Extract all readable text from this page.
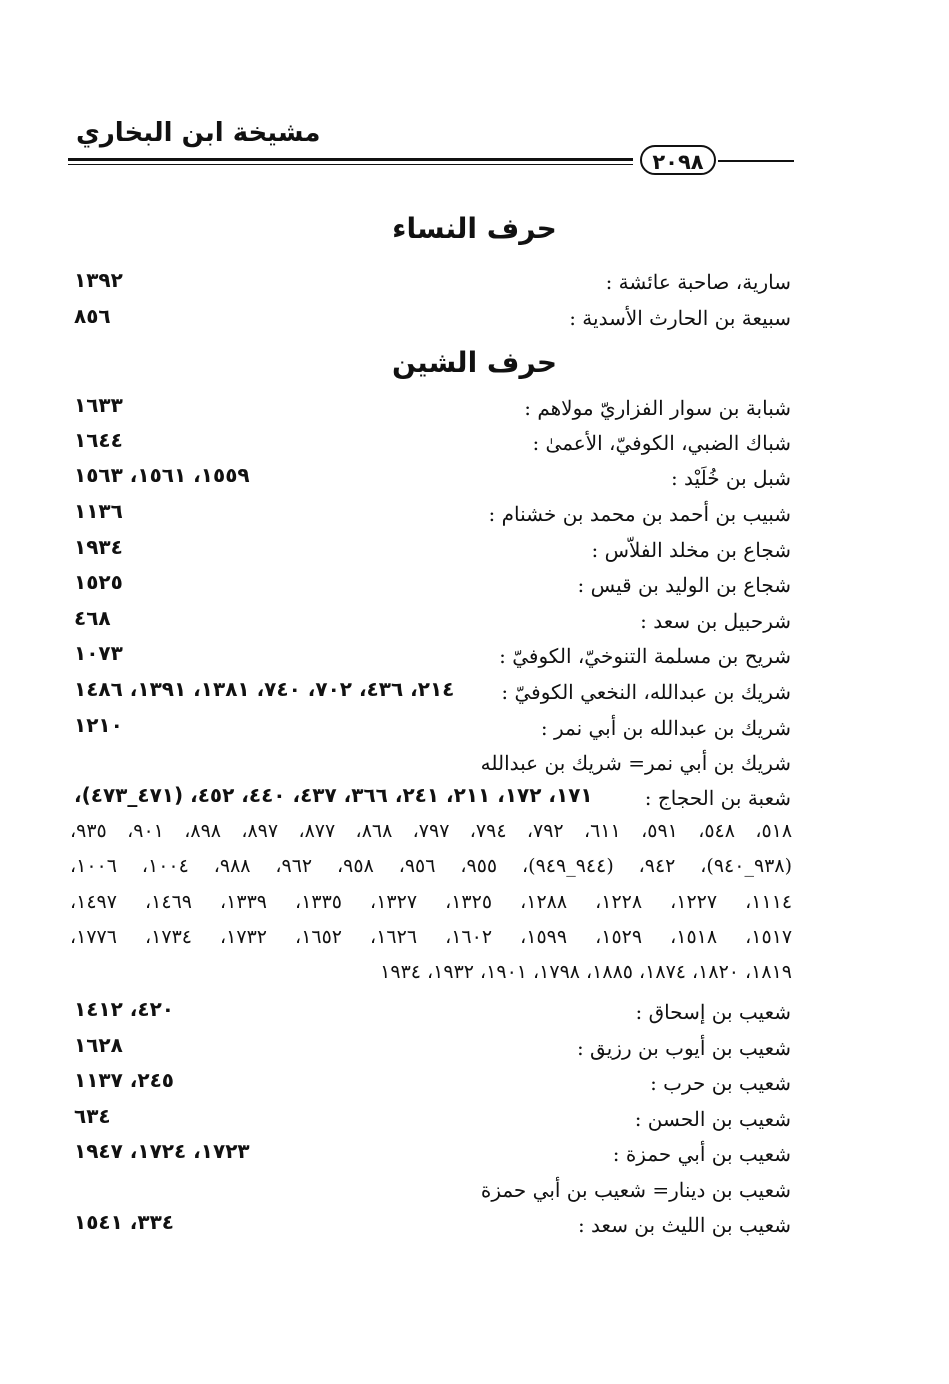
مشيخة ابن البخاري
٢٠٩٨
حرف النساء
سارية، صاحبة عائشة :
١٣٩٢
سبيعة بن الحارث الأسدية :
٨٥٦
حرف الشين
شبابة بن سوار الفزاريّ مولاهم :
١٦٣٣
شباك الضبي، الكوفيّ، الأعمىٰ :
١٦٤٤
شبل بن خُلَيْد :
١٥٥٩، ١٥٦١، ١٥٦٣
شبيب بن أحمد بن محمد بن خشنام :
١١٣٦
شجاع بن مخلد الفلاّس :
١٩٣٤
شجاع بن الوليد بن قيس :
١٥٢٥
شرحبيل بن سعد :
٤٦٨
شريح بن مسلمة التنوخيّ، الكوفيّ :
١٠٧٣
شريك بن عبدالله، النخعي الكوفيّ :
٢١٤، ٤٣٦، ٧٠٢، ٧٤٠، ١٣٨١، ١٣٩١، ١٤٨٦
شريك بن عبدالله بن أبي نمر :
١٢١٠
شريك بن أبي نمر= شريك بن عبدالله
شعبة بن الحجاج :
١٧١، ١٧٢، ٢١١، ٢٤١، ٣٦٦، ٤٣٧، ٤٤٠، ٤٥٢، (٤٧١_٤٧٣)،
٥١٨، ٥٤٨، ٥٩١، ٦١١، ٧٩٢، ٧٩٤، ٧٩٧، ٨٦٨، ٨٧٧، ٨٩٧، ٨٩٨، ٩٠١، ٩٣٥،
(٩٣٨_٩٤٠)، ٩٤٢، (٩٤٤_٩٤٩)، ٩٥٥، ٩٥٦، ٩٥٨، ٩٦٢، ٩٨٨، ١٠٠٤، ١٠٠٦،
١١١٤، ١٢٢٧، ١٢٢٨، ١٢٨٨، ١٣٢٥، ١٣٢٧، ١٣٣٥، ١٣٣٩، ١٤٦٩، ١٤٩٧،
١٥١٧، ١٥١٨، ١٥٢٩، ١٥٩٩، ١٦٠٢، ١٦٢٦، ١٦٥٢، ١٧٣٢، ١٧٣٤، ١٧٧٦،
١٨١٩، ١٨٢٠، ١٨٧٤، ١٨٨٥، ١٧٩٨، ١٩٠١، ١٩٣٢، ١٩٣٤
شعيب بن إسحاق :
٤٢٠، ١٤١٢
شعيب بن أيوب بن رزيق :
١٦٢٨
شعيب بن حرب :
٢٤٥، ١١٣٧
شعيب بن الحسن :
٦٣٤
شعيب بن أبي حمزة :
١٧٢٣، ١٧٢٤، ١٩٤٧
شعيب بن دينار= شعيب بن أبي حمزة
شعيب بن الليث بن سعد :
٣٣٤، ١٥٤١
